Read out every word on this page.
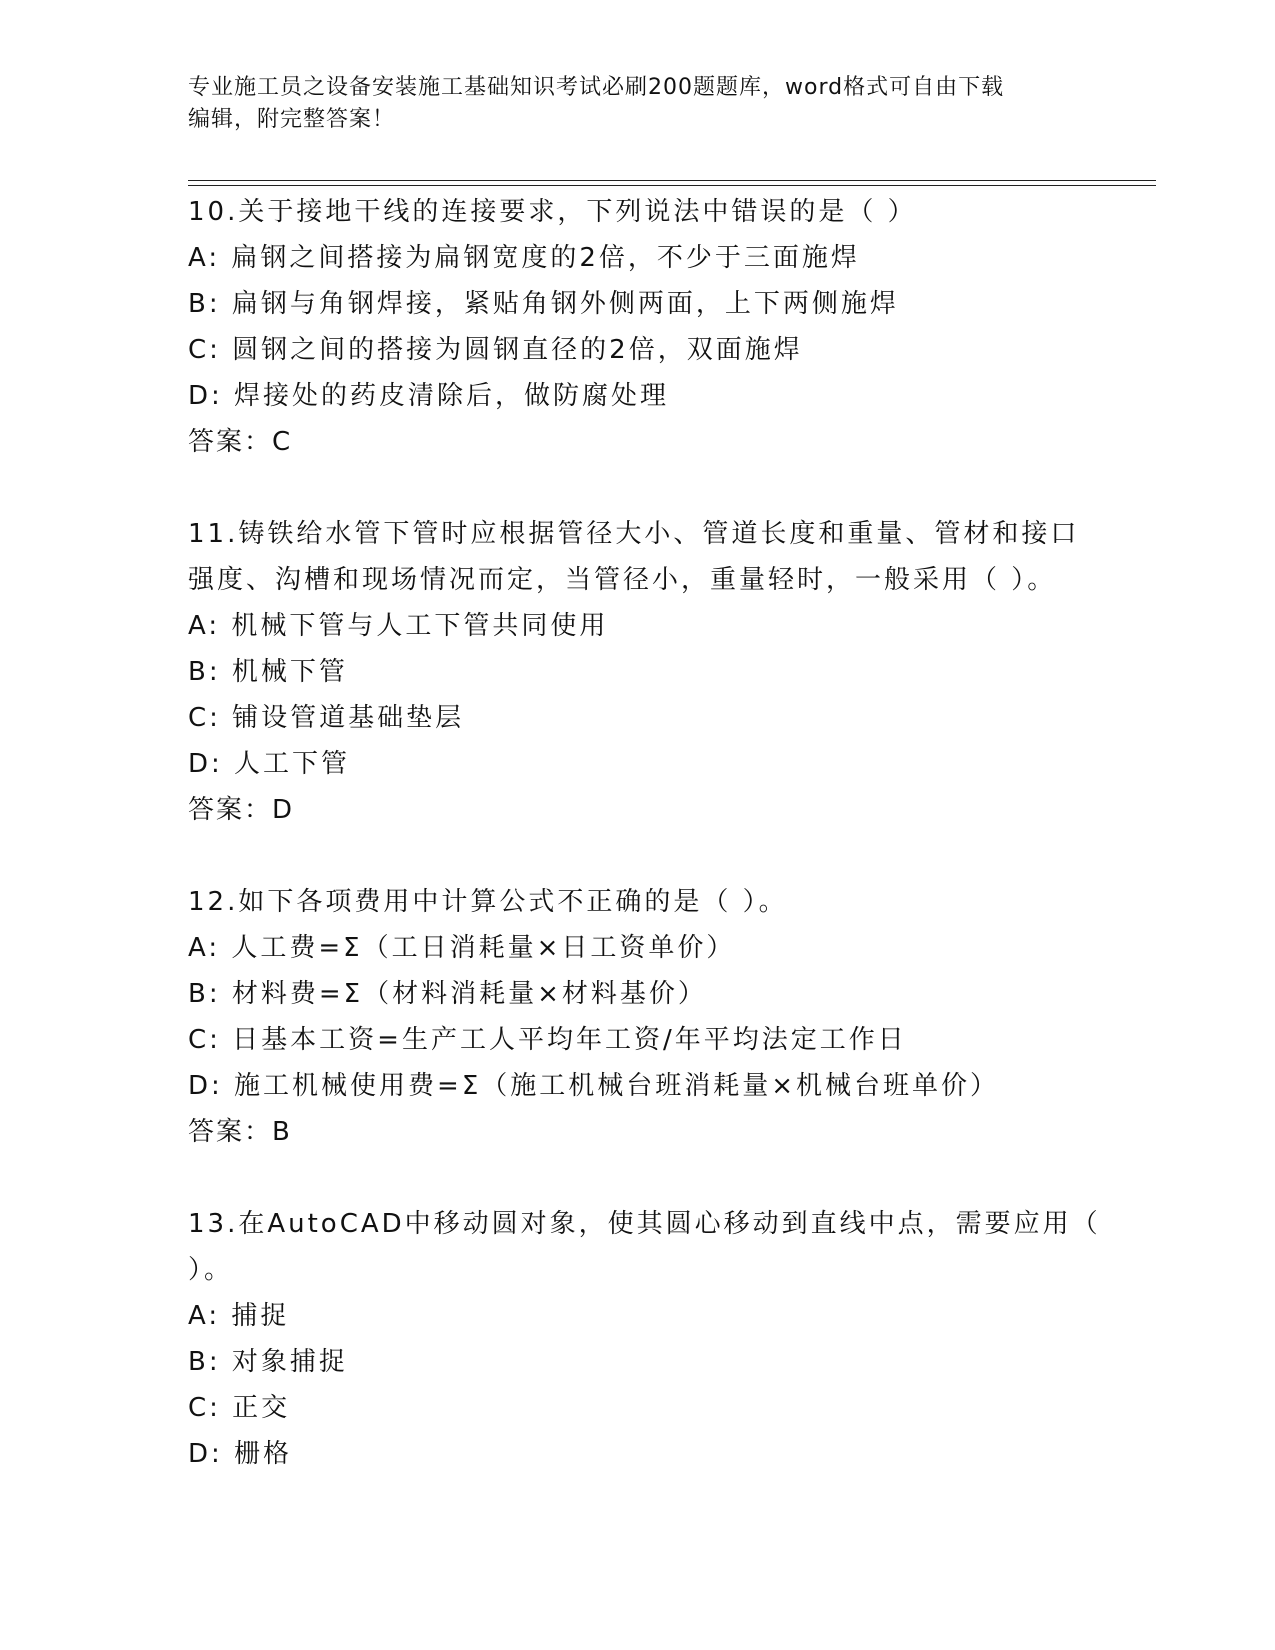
专业施工员之设备安装施工基础知识考试必刷200题题库，word格式可自由下载
编辑，附完整答案！
10.关于接地干线的连接要求，下列说法中错误的是（ ）
A: 扁钢之间搭接为扁钢宽度的2倍，不少于三面施焊
B: 扁钢与角钢焊接，紧贴角钢外侧两面，上下两侧施焊
C: 圆钢之间的搭接为圆钢直径的2倍，双面施焊
D: 焊接处的药皮清除后，做防腐处理
答案：C
11.铸铁给水管下管时应根据管径大小、管道长度和重量、管材和接口
强度、沟槽和现场情况而定，当管径小，重量轻时，一般采用（ ）。
A: 机械下管与人工下管共同使用
B: 机械下管
C: 铺设管道基础垫层
D: 人工下管
答案：D
12.如下各项费用中计算公式不正确的是（ ）。
A: 人工费=Σ（工日消耗量×日工资单价）
B: 材料费=Σ（材料消耗量×材料基价）
C: 日基本工资=生产工人平均年工资/年平均法定工作日
D: 施工机械使用费=Σ（施工机械台班消耗量×机械台班单价）
答案：B
13.在AutoCAD中移动圆对象，使其圆心移动到直线中点，需要应用（
）。
A: 捕捉
B: 对象捕捉
C: 正交
D: 栅格
